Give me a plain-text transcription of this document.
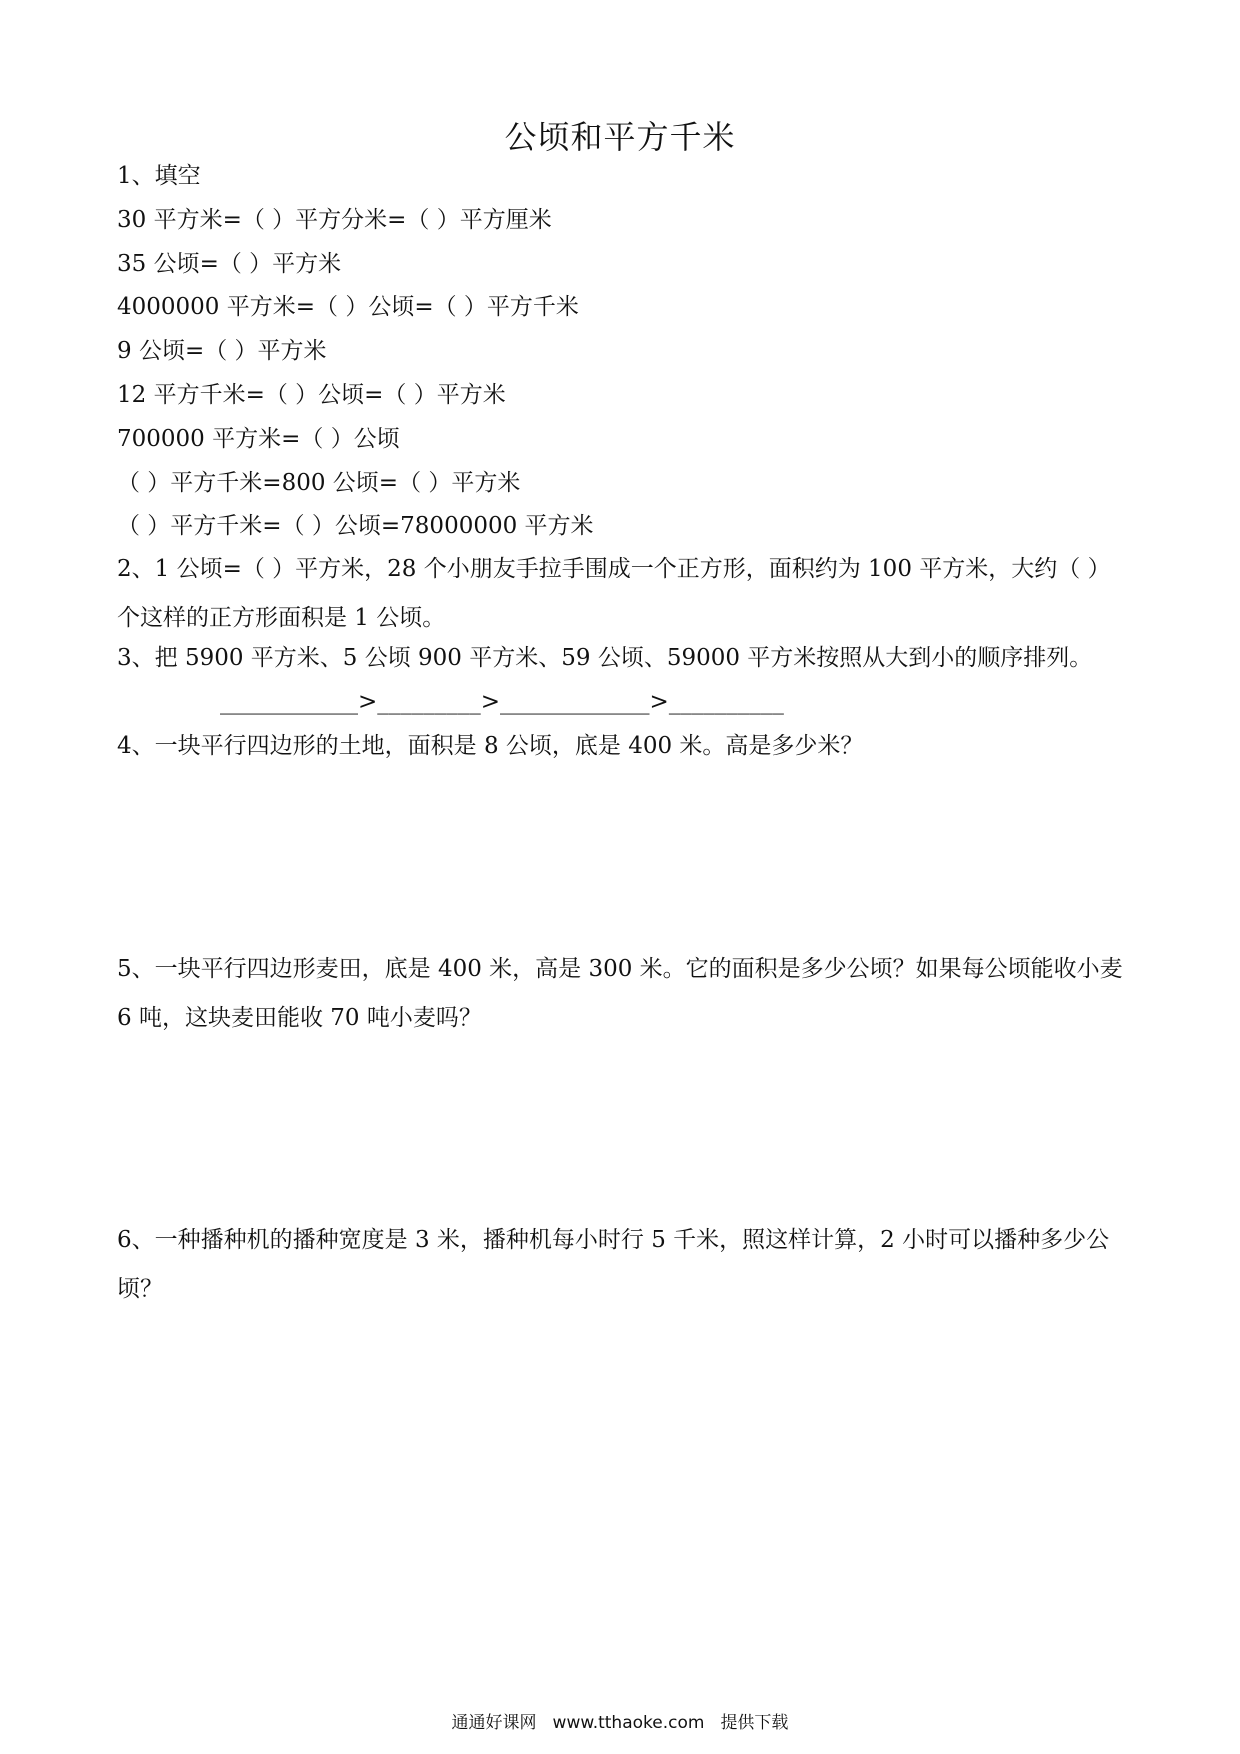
公顷和平方千米
1、填空
30 平方米=（ ）平方分米=（ ）平方厘米
35 公顷=（ ）平方米
4000000 平方米=（ ）公顷=（ ）平方千米
9 公顷=（ ）平方米
12 平方千米=（ ）公顷=（ ）平方米
700000 平方米=（ ）公顷
（ ）平方千米=800 公顷=（ ）平方米
（ ）平方千米=（ ）公顷=78000000 平方米
2、1 公顷=（ ）平方米，28 个小朋友手拉手围成一个正方形，面积约为 100 平方米，大约（ ）个这样的正方形面积是 1 公顷。
3、把 5900 平方米、5 公顷 900 平方米、59 公顷、59000 平方米按照从大到小的顺序排列。
____________>_________>_____________>__________
4、一块平行四边形的土地，面积是 8 公顷，底是 400 米。高是多少米？
5、一块平行四边形麦田，底是 400 米，高是 300 米。它的面积是多少公顷？如果每公顷能收小麦 6 吨，这块麦田能收 70 吨小麦吗？
6、一种播种机的播种宽度是 3 米，播种机每小时行 5 千米，照这样计算，2 小时可以播种多少公顷？
通通好课网 www.tthaoke.com 提供下载
